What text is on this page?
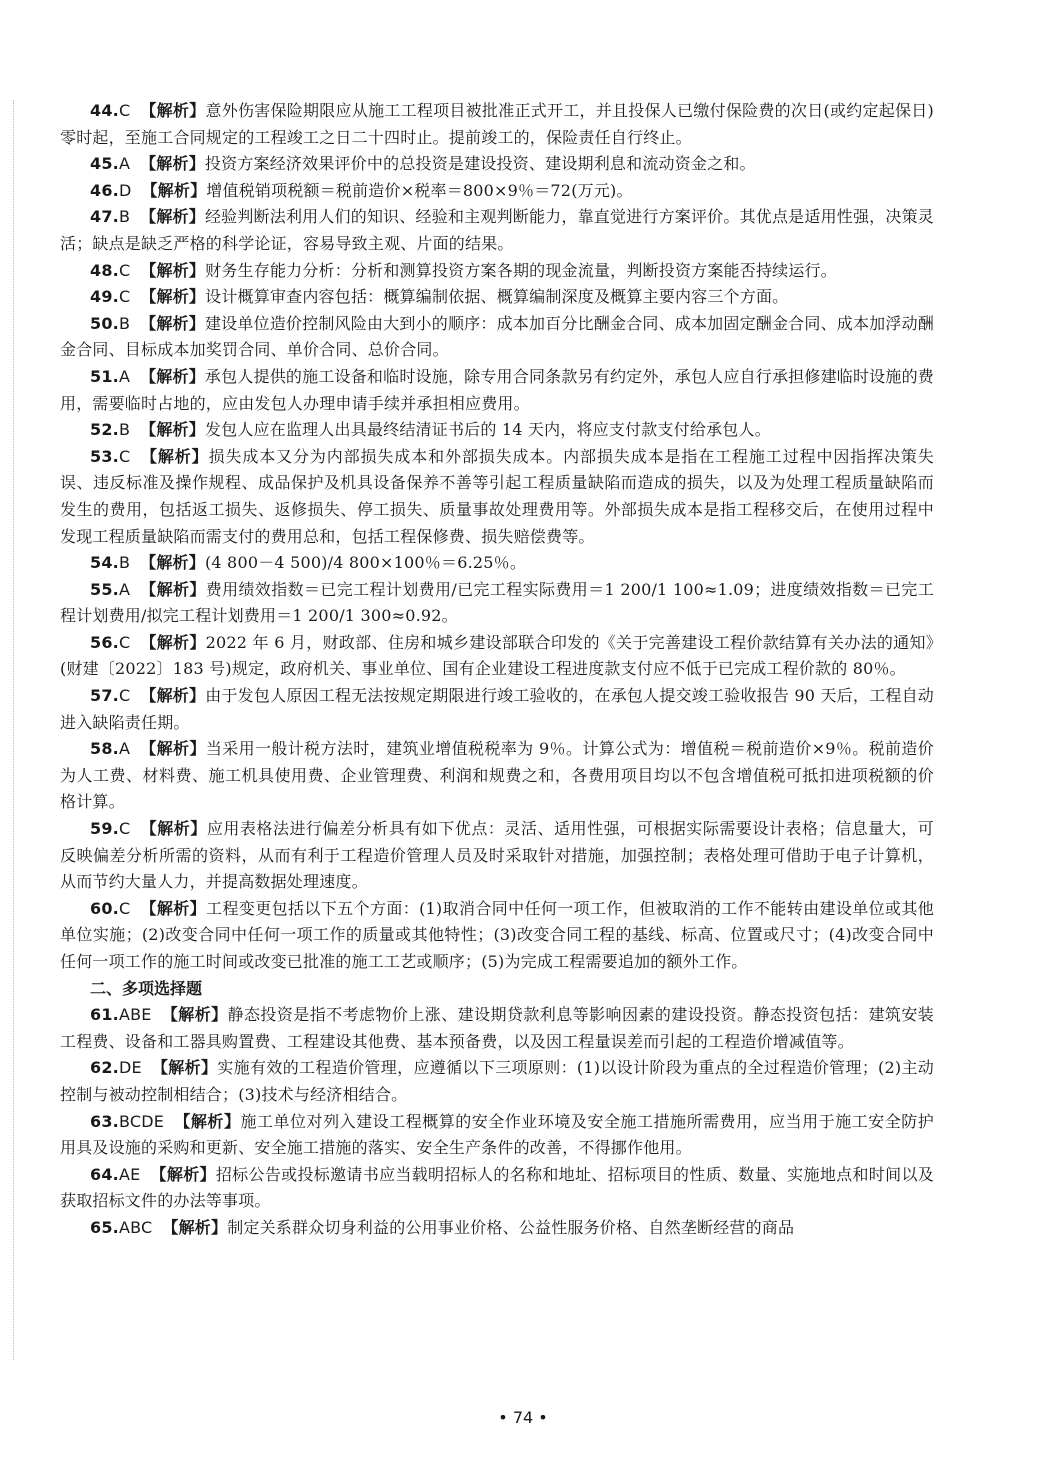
44.C 【解析】意外伤害保险期限应从施工工程项目被批准正式开工，并且投保人已缴付保险费的次日(或约定起保日)零时起，至施工合同规定的工程竣工之日二十四时止。提前竣工的，保险责任自行终止。

45.A 【解析】投资方案经济效果评价中的总投资是建设投资、建设期利息和流动资金之和。

46.D 【解析】增值税销项税额＝税前造价×税率＝800×9％＝72(万元)。

47.B 【解析】经验判断法利用人们的知识、经验和主观判断能力，靠直觉进行方案评价。其优点是适用性强，决策灵活；缺点是缺乏严格的科学论证，容易导致主观、片面的结果。

48.C 【解析】财务生存能力分析：分析和测算投资方案各期的现金流量，判断投资方案能否持续运行。

49.C 【解析】设计概算审查内容包括：概算编制依据、概算编制深度及概算主要内容三个方面。

50.B 【解析】建设单位造价控制风险由大到小的顺序：成本加百分比酬金合同、成本加固定酬金合同、成本加浮动酬金合同、目标成本加奖罚合同、单价合同、总价合同。

51.A 【解析】承包人提供的施工设备和临时设施，除专用合同条款另有约定外，承包人应自行承担修建临时设施的费用，需要临时占地的，应由发包人办理申请手续并承担相应费用。

52.B 【解析】发包人应在监理人出具最终结清证书后的 14 天内，将应支付款支付给承包人。

53.C 【解析】损失成本又分为内部损失成本和外部损失成本。内部损失成本是指在工程施工过程中因指挥决策失误、违反标准及操作规程、成品保护及机具设备保养不善等引起工程质量缺陷而造成的损失，以及为处理工程质量缺陷而发生的费用，包括返工损失、返修损失、停工损失、质量事故处理费用等。外部损失成本是指工程移交后，在使用过程中发现工程质量缺陷而需支付的费用总和，包括工程保修费、损失赔偿费等。

54.B 【解析】(4 800－4 500)/4 800×100％＝6.25％。

55.A 【解析】费用绩效指数＝已完工程计划费用/已完工程实际费用＝1 200/1 100≈1.09；进度绩效指数＝已完工程计划费用/拟完工程计划费用＝1 200/1 300≈0.92。

56.C 【解析】2022 年 6 月，财政部、住房和城乡建设部联合印发的《关于完善建设工程价款结算有关办法的通知》(财建〔2022〕183 号)规定，政府机关、事业单位、国有企业建设工程进度款支付应不低于已完成工程价款的 80％。

57.C 【解析】由于发包人原因工程无法按规定期限进行竣工验收的，在承包人提交竣工验收报告 90 天后，工程自动进入缺陷责任期。

58.A 【解析】当采用一般计税方法时，建筑业增值税税率为 9％。计算公式为：增值税＝税前造价×9％。税前造价为人工费、材料费、施工机具使用费、企业管理费、利润和规费之和，各费用项目均以不包含增值税可抵扣进项税额的价格计算。

59.C 【解析】应用表格法进行偏差分析具有如下优点：灵活、适用性强，可根据实际需要设计表格；信息量大，可反映偏差分析所需的资料，从而有利于工程造价管理人员及时采取针对措施，加强控制；表格处理可借助于电子计算机，从而节约大量人力，并提高数据处理速度。

60.C 【解析】工程变更包括以下五个方面：(1)取消合同中任何一项工作，但被取消的工作不能转由建设单位或其他单位实施；(2)改变合同中任何一项工作的质量或其他特性；(3)改变合同工程的基线、标高、位置或尺寸；(4)改变合同中任何一项工作的施工时间或改变已批准的施工工艺或顺序；(5)为完成工程需要追加的额外工作。

二、多项选择题

61.ABE 【解析】静态投资是指不考虑物价上涨、建设期贷款利息等影响因素的建设投资。静态投资包括：建筑安装工程费、设备和工器具购置费、工程建设其他费、基本预备费，以及因工程量误差而引起的工程造价增减值等。

62.DE 【解析】实施有效的工程造价管理，应遵循以下三项原则：(1)以设计阶段为重点的全过程造价管理；(2)主动控制与被动控制相结合；(3)技术与经济相结合。

63.BCDE 【解析】施工单位对列入建设工程概算的安全作业环境及安全施工措施所需费用，应当用于施工安全防护用具及设施的采购和更新、安全施工措施的落实、安全生产条件的改善，不得挪作他用。

64.AE 【解析】招标公告或投标邀请书应当载明招标人的名称和地址、招标项目的性质、数量、实施地点和时间以及获取招标文件的办法等事项。

65.ABC 【解析】制定关系群众切身利益的公用事业价格、公益性服务价格、自然垄断经营的商品

• 74 •
